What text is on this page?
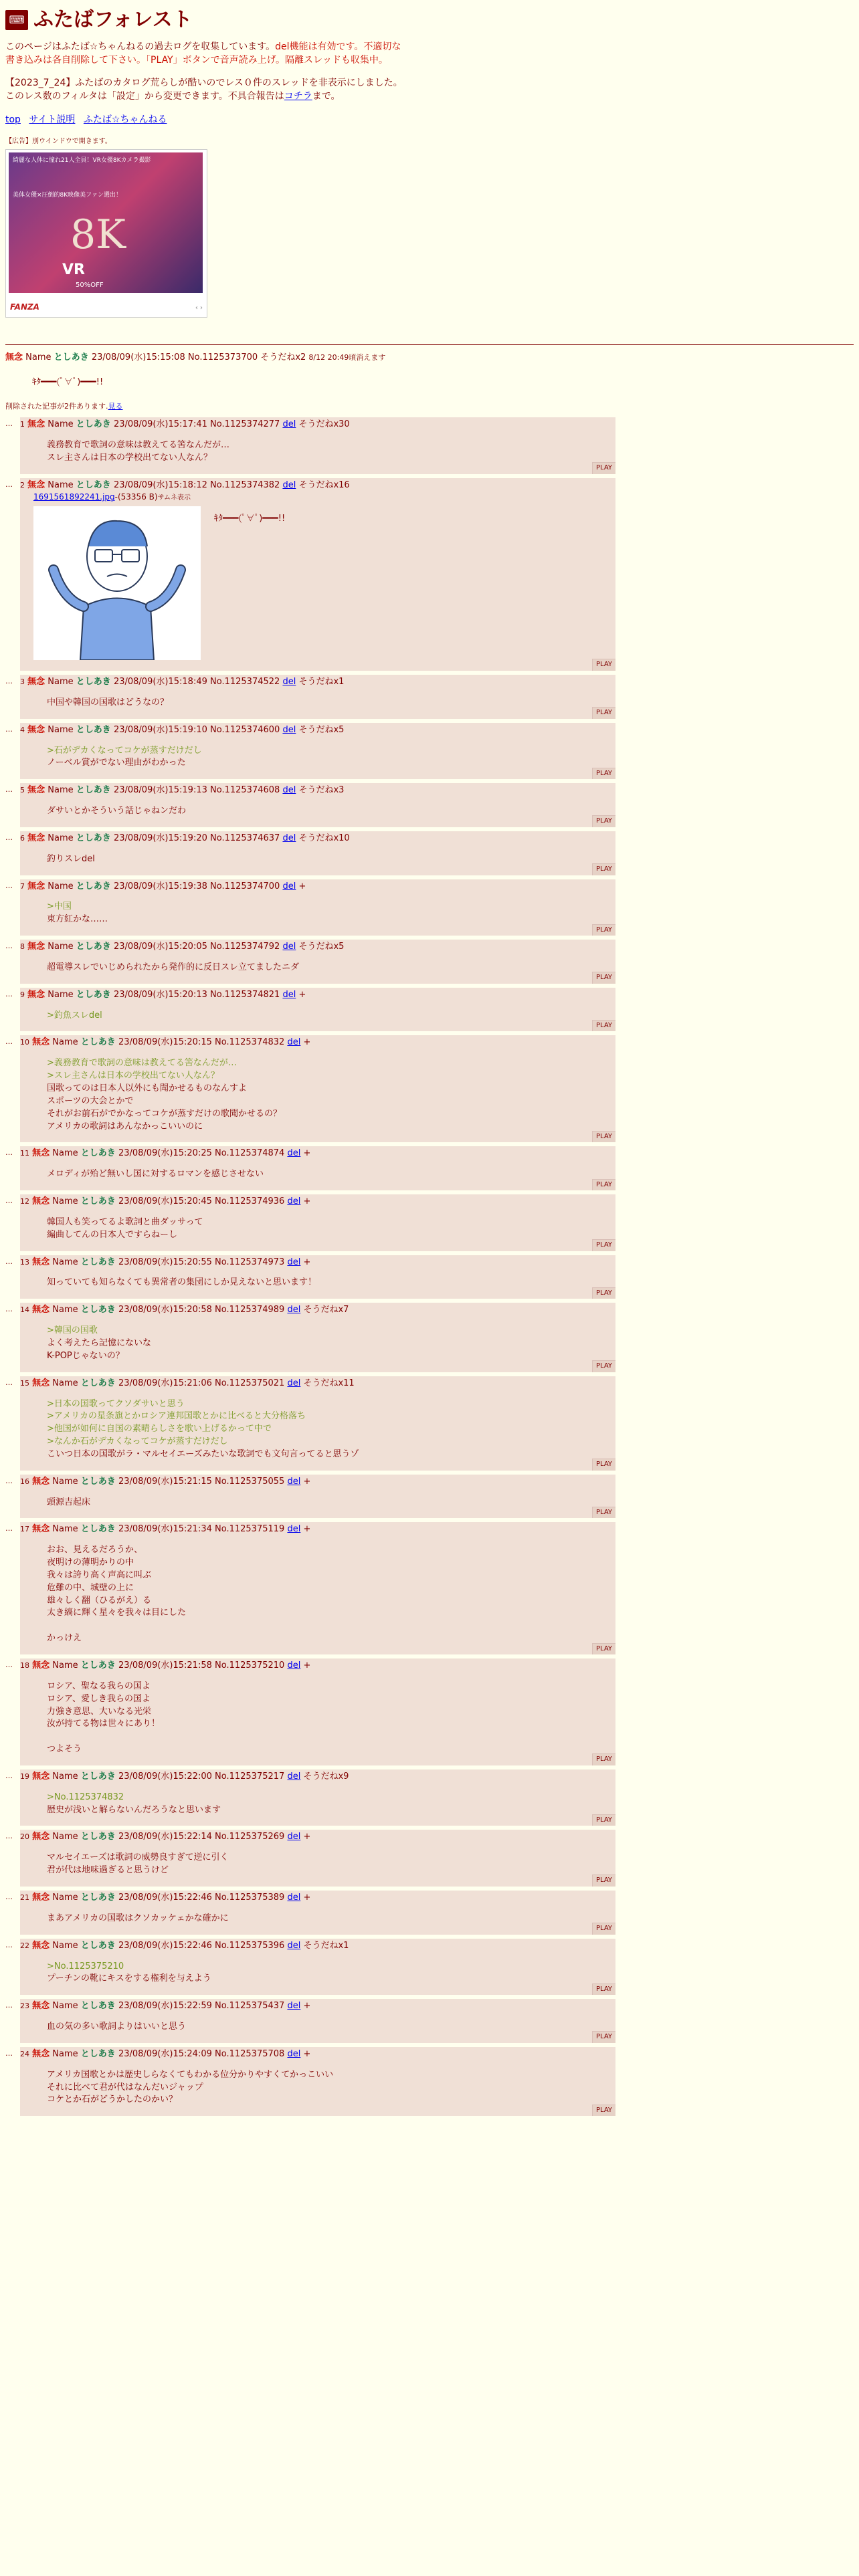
⌨ ふたばフォレスト
このページはふたば☆ちゃんねるの過去ログを収集しています。del機能は有効です。不適切な書き込みは各自削除して下さい。「PLAY」ボタンで音声読み上げ。隔離スレッドも収集中。
【2023_7_24】ふたばのカタログ荒らしが酷いのでレス０件のスレッドを非表示にしました。このレス数のフィルタは「設定」から変更できます。不具合報告はコチラまで。
top サイト説明 ふたば☆ちゃんねる
【広告】別ウインドウで開きます。
綺麗な人体に憧れ21人全員！VR女優8Kカメラ撮影
美体女優×圧倒的8K映像美ファン選出！
8K
VR
50%OFF
FANZA	‹ ›
無念 Name としあき 23/08/09(水)15:15:08 No.1125373700 そうだねx2 8/12 20:49頃消えます
ｷﾀ━━━(ﾟ∀ﾟ)━━━!!
削除された記事が2件あります.見る
…	1 無念 Name としあき 23/08/09(水)15:17:41 No.1125374277 del そうだねx30
義務教育で歌詞の意味は教えてる筈なんだが…
スレ主さんは日本の学校出てない人なん？
PLAY
…	2 無念 Name としあき 23/08/09(水)15:18:12 No.1125374382 del そうだねx16
1691561892241.jpg-(53356 B)サムネ表示
ｷﾀ━━━(ﾟ∀ﾟ)━━━!!
PLAY
…	3 無念 Name としあき 23/08/09(水)15:18:49 No.1125374522 del そうだねx1
中国や韓国の国歌はどうなの？
PLAY
…	4 無念 Name としあき 23/08/09(水)15:19:10 No.1125374600 del そうだねx5
>石がデカくなってコケが蒸すだけだし
ノーベル賞がでない理由がわかった
PLAY
…	5 無念 Name としあき 23/08/09(水)15:19:13 No.1125374608 del そうだねx3
ダサいとかそういう話じゃねンだわ
PLAY
…	6 無念 Name としあき 23/08/09(水)15:19:20 No.1125374637 del そうだねx10
釣りスレdel
PLAY
…	7 無念 Name としあき 23/08/09(水)15:19:38 No.1125374700 del +
>中国
東方紅かな……
PLAY
…	8 無念 Name としあき 23/08/09(水)15:20:05 No.1125374792 del そうだねx5
超電導スレでいじめられたから発作的に反日スレ立てましたニダ
PLAY
…	9 無念 Name としあき 23/08/09(水)15:20:13 No.1125374821 del +
>釣魚スレdel
PLAY
…	10 無念 Name としあき 23/08/09(水)15:20:15 No.1125374832 del +
>義務教育で歌詞の意味は教えてる筈なんだが…
>スレ主さんは日本の学校出てない人なん？
国歌ってのは日本人以外にも聞かせるものなんすよ
スポーツの大会とかで
それがお前石がでかなってコケが蒸すだけの歌聞かせるの？
アメリカの歌詞はあんなかっこいいのに
PLAY
…	11 無念 Name としあき 23/08/09(水)15:20:25 No.1125374874 del +
メロディが殆ど無いし国に対するロマンを感じさせない
PLAY
…	12 無念 Name としあき 23/08/09(水)15:20:45 No.1125374936 del +
韓国人も笑ってるよ歌詞と曲ダッサって
編曲してんの日本人ですらねーし
PLAY
…	13 無念 Name としあき 23/08/09(水)15:20:55 No.1125374973 del +
知っていても知らなくても異常者の集団にしか見えないと思います！
PLAY
…	14 無念 Name としあき 23/08/09(水)15:20:58 No.1125374989 del そうだねx7
>韓国の国歌
よく考えたら記憶にないな
K-POPじゃないの？
PLAY
…	15 無念 Name としあき 23/08/09(水)15:21:06 No.1125375021 del そうだねx11
>日本の国歌ってクソダサいと思う
>アメリカの星条旗とかロシア連邦国歌とかに比べると大分格落ち
>他国が如何に自国の素晴らしさを歌い上げるかって中で
>なんか石がデカくなってコケが蒸すだけだし
こいつ日本の国歌がラ・マルセイエーズみたいな歌詞でも文句言ってると思うゾ
PLAY
…	16 無念 Name としあき 23/08/09(水)15:21:15 No.1125375055 del +
頭源吉起床
PLAY
…	17 無念 Name としあき 23/08/09(水)15:21:34 No.1125375119 del +
おお、見えるだろうか、
夜明けの薄明かりの中
我々は誇り高く声高に叫ぶ
危難の中、城壁の上に
雄々しく翻（ひるがえ）る
太き縞に輝く星々を我々は目にした
かっけえ
PLAY
…	18 無念 Name としあき 23/08/09(水)15:21:58 No.1125375210 del +
ロシア、聖なる我らの国よ
ロシア、愛しき我らの国よ
力強き意思、大いなる光栄
汝が持てる物は世々にあり！
つよそう
PLAY
…	19 無念 Name としあき 23/08/09(水)15:22:00 No.1125375217 del そうだねx9
>No.1125374832
歴史が浅いと解らないんだろうなと思います
PLAY
…	20 無念 Name としあき 23/08/09(水)15:22:14 No.1125375269 del +
マルセイエーズは歌詞の威勢良すぎて逆に引く
君が代は地味過ぎると思うけど
PLAY
…	21 無念 Name としあき 23/08/09(水)15:22:46 No.1125375389 del +
まあアメリカの国歌はクソカッケェかな確かに
PLAY
…	22 無念 Name としあき 23/08/09(水)15:22:46 No.1125375396 del そうだねx1
>No.1125375210
プーチンの靴にキスをする権利を与えよう
PLAY
…	23 無念 Name としあき 23/08/09(水)15:22:59 No.1125375437 del +
血の気の多い歌詞よりはいいと思う
PLAY
…	24 無念 Name としあき 23/08/09(水)15:24:09 No.1125375708 del +
アメリカ国歌とかは歴史しらなくてもわかる位分かりやすくてかっこいい
それに比べて君が代はなんだいジャップ
コケとか石がどうかしたのかい？
PLAY
